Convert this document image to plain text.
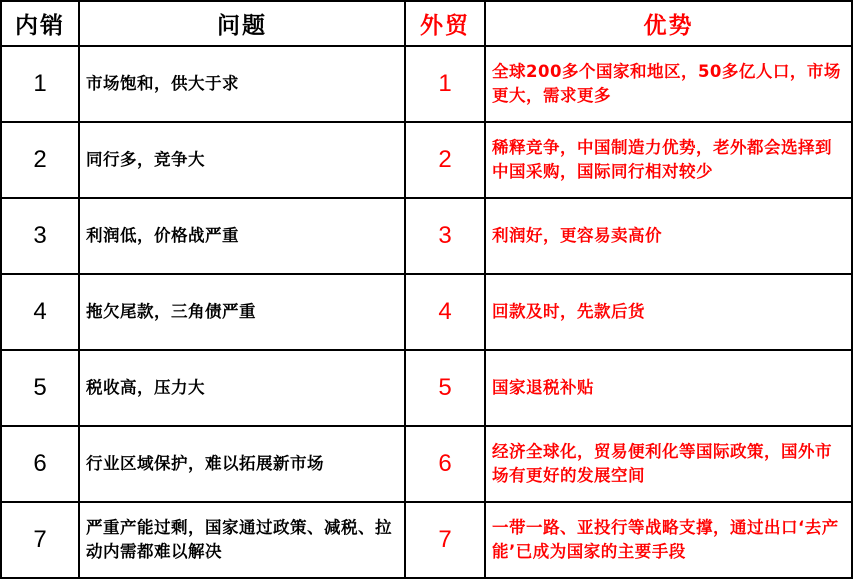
内销	问题	外贸	优势
1	市场饱和，供大于求	1	全球200多个国家和地区，50多亿人口，市场更大，需求更多
2	同行多，竞争大	2	稀释竞争，中国制造力优势，老外都会选择到中国采购，国际同行相对较少
3	利润低，价格战严重	3	利润好，更容易卖高价
4	拖欠尾款，三角债严重	4	回款及时，先款后货
5	税收高，压力大	5	国家退税补贴
6	行业区域保护，难以拓展新市场	6	经济全球化，贸易便利化等国际政策，国外市场有更好的发展空间
7	严重产能过剩，国家通过政策、减税、拉动内需都难以解决	7	一带一路、亚投行等战略支撑，通过出口‘去产能’已成为国家的主要手段
